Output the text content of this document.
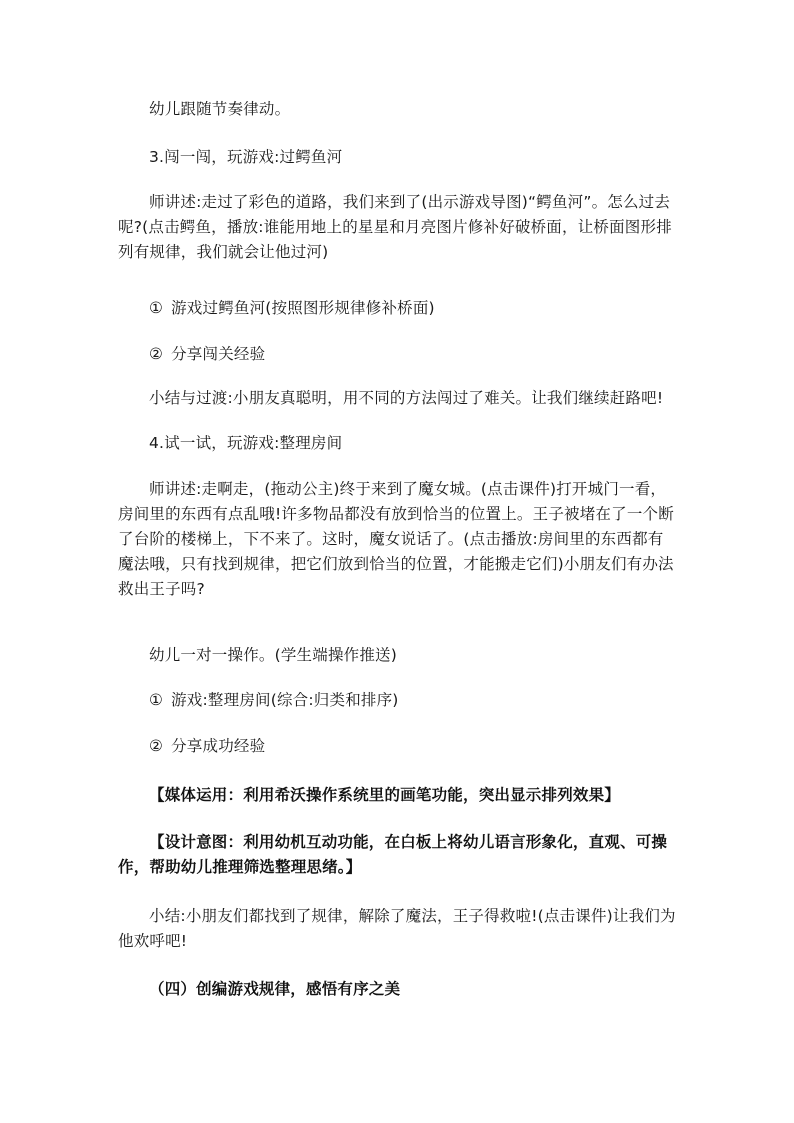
幼儿跟随节奏律动。

3.闯一闯，玩游戏:过鳄鱼河

师讲述:走过了彩色的道路，我们来到了(出示游戏导图)“鳄鱼河”。怎么过去呢?(点击鳄鱼，播放:谁能用地上的星星和月亮图片修补好破桥面，让桥面图形排列有规律，我们就会让他过河)

① 游戏过鳄鱼河(按照图形规律修补桥面)

② 分享闯关经验

小结与过渡:小朋友真聪明，用不同的方法闯过了难关。让我们继续赶路吧!

4.试一试，玩游戏:整理房间

师讲述:走啊走，(拖动公主)终于来到了魔女城。(点击课件)打开城门一看，房间里的东西有点乱哦!许多物品都没有放到恰当的位置上。王子被堵在了一个断了台阶的楼梯上，下不来了。这时，魔女说话了。(点击播放:房间里的东西都有魔法哦，只有找到规律，把它们放到恰当的位置，才能搬走它们)小朋友们有办法救出王子吗?

幼儿一对一操作。(学生端操作推送)

① 游戏:整理房间(综合:归类和排序)

② 分享成功经验

【媒体运用：利用希沃操作系统里的画笔功能，突出显示排列效果】

【设计意图：利用幼机互动功能，在白板上将幼儿语言形象化，直观、可操作，帮助幼儿推理筛选整理思绪。】

小结:小朋友们都找到了规律，解除了魔法，王子得救啦!(点击课件)让我们为他欢呼吧!

（四）创编游戏规律，感悟有序之美
